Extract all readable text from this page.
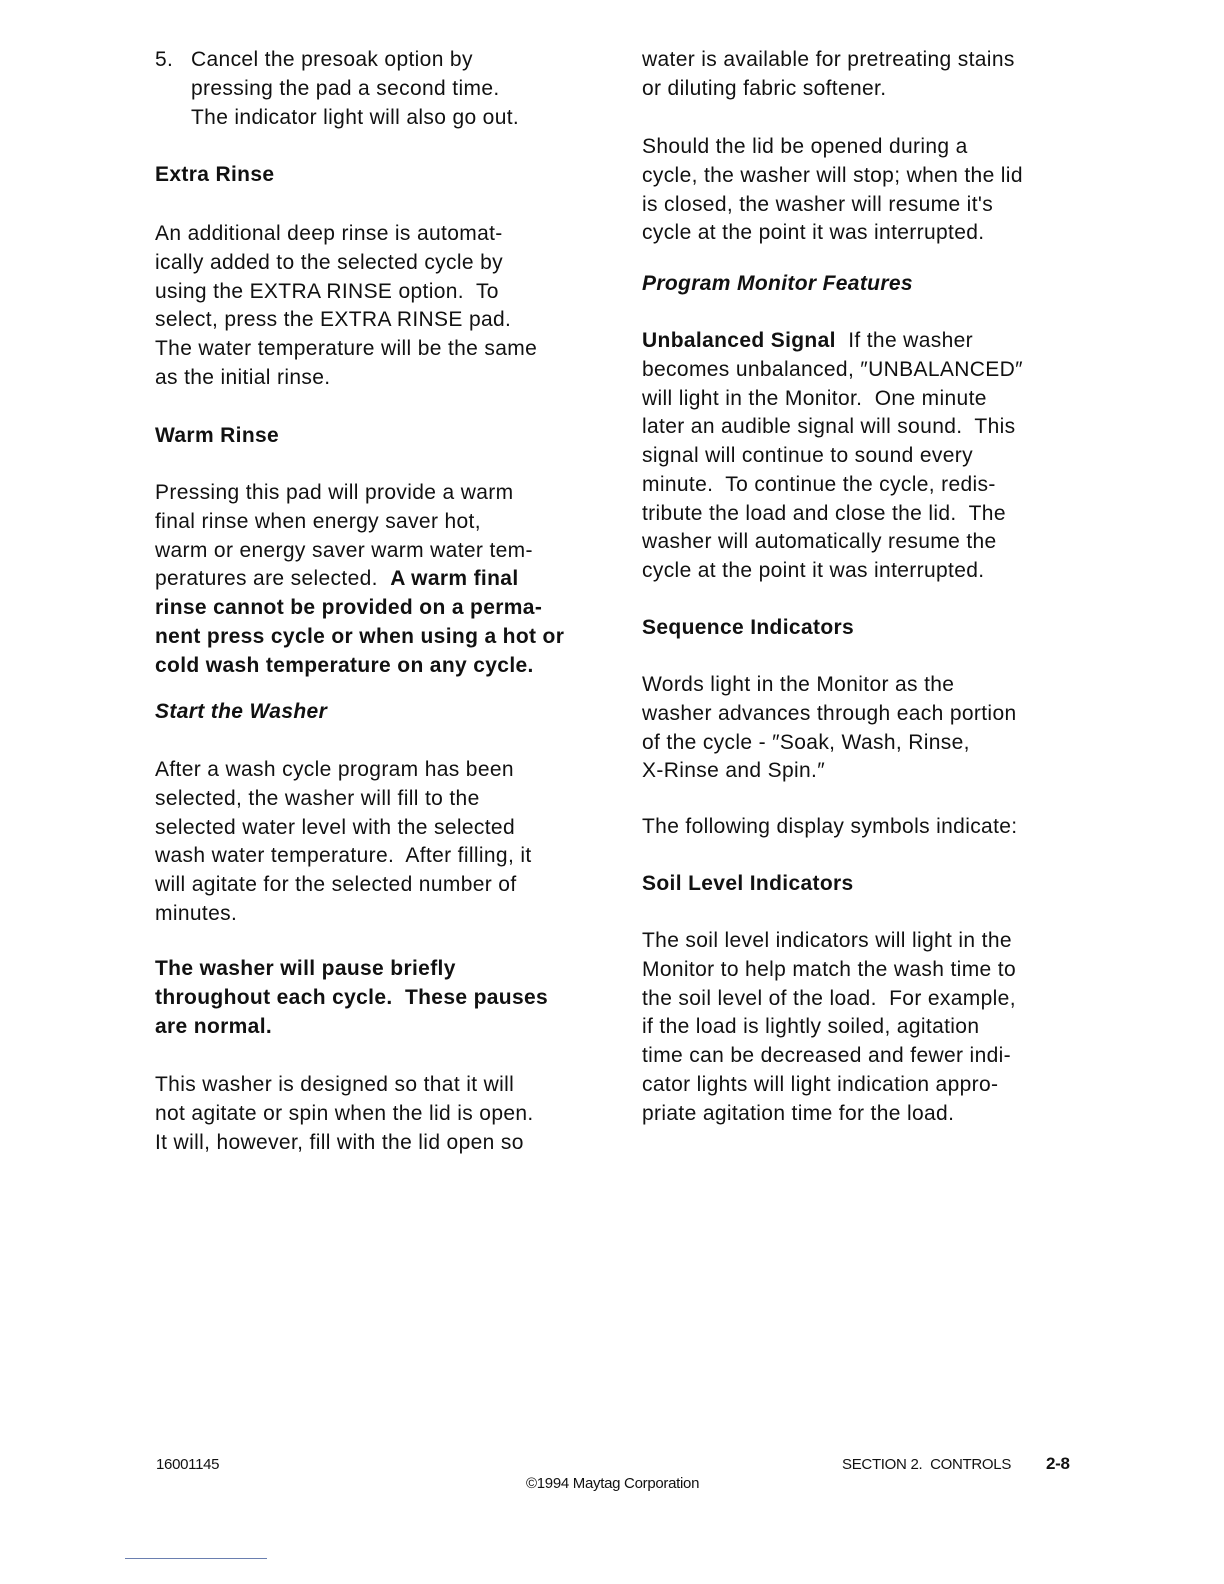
5. Cancel the presoak option by
pressing the pad a second time.
The indicator light will also go out.
Extra Rinse
An additional deep rinse is automat-
ically added to the selected cycle by
using the EXTRA RINSE option.  To
select, press the EXTRA RINSE pad.
The water temperature will be the same
as the initial rinse.
Warm Rinse
Pressing this pad will provide a warm
final rinse when energy saver hot,
warm or energy saver warm water tem-
peratures are selected.  A warm final
rinse cannot be provided on a perma-
nent press cycle or when using a hot or
cold wash temperature on any cycle.
Start the Washer
After a wash cycle program has been
selected, the washer will fill to the
selected water level with the selected
wash water temperature.  After filling, it
will agitate for the selected number of
minutes.
The washer will pause briefly
throughout each cycle.  These pauses
are normal.
This washer is designed so that it will
not agitate or spin when the lid is open.
It will, however, fill with the lid open so
water is available for pretreating stains
or diluting fabric softener.
Should the lid be opened during a
cycle, the washer will stop; when the lid
is closed, the washer will resume it's
cycle at the point it was interrupted.
Program Monitor Features
Unbalanced Signal  If the washer
becomes unbalanced, ″UNBALANCED″
will light in the Monitor.  One minute
later an audible signal will sound.  This
signal will continue to sound every
minute.  To continue the cycle, redis-
tribute the load and close the lid.  The
washer will automatically resume the
cycle at the point it was interrupted.
Sequence Indicators
Words light in the Monitor as the
washer advances through each portion
of the cycle - ″Soak, Wash, Rinse,
X-Rinse and Spin.″
The following display symbols indicate:
Soil Level Indicators
The soil level indicators will light in the
Monitor to help match the wash time to
the soil level of the load.  For example,
if the load is lightly soiled, agitation
time can be decreased and fewer indi-
cator lights will light indication appro-
priate agitation time for the load.
16001145
©1994 Maytag Corporation
SECTION 2.  CONTROLS 2-8
